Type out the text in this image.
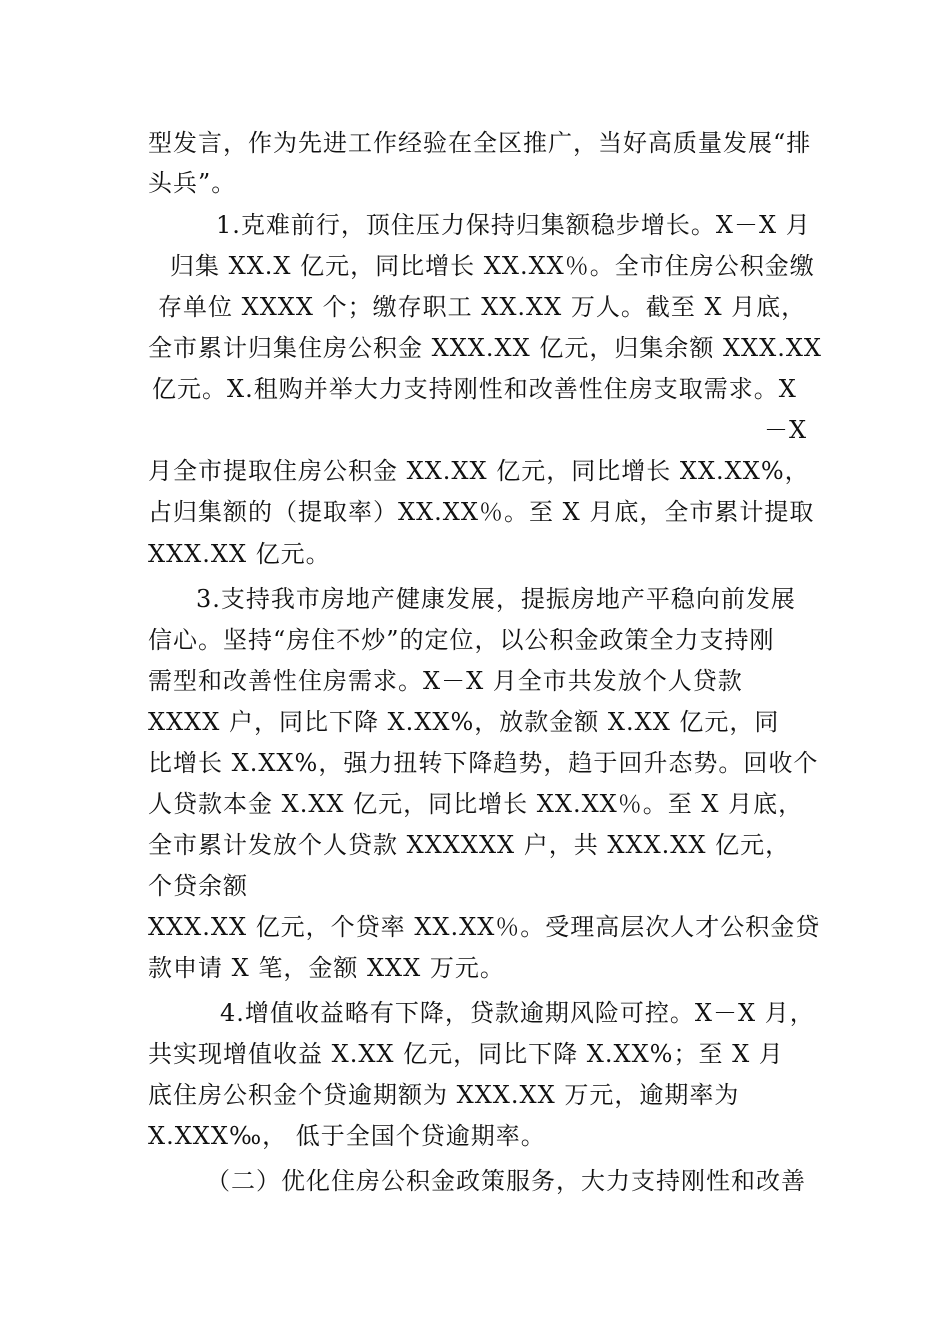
型发言，作为先进工作经验在全区推广，当好高质量发展“排
头兵”。
1.克难前行，顶住压力保持归集额稳步增长。X－X 月
归集 XX.X 亿元，同比增长 XX.XX％。全市住房公积金缴
存单位 XXXX 个；缴存职工 XX.XX 万人。截至 X 月底，
全市累计归集住房公积金 XXX.XX 亿元，归集余额 XXX.XX
亿元。X.租购并举大力支持刚性和改善性住房支取需求。X
－X
月全市提取住房公积金 XX.XX 亿元，同比增长 XX.XX%，
占归集额的（提取率）XX.XX％。至 X 月底，全市累计提取
XXX.XX 亿元。
3.支持我市房地产健康发展，提振房地产平稳向前发展
信心。坚持“房住不炒”的定位，以公积金政策全力支持刚
需型和改善性住房需求。X－X 月全市共发放个人贷款
XXXX 户，同比下降 X.XX%，放款金额 X.XX 亿元，同
比增长 X.XX%，强力扭转下降趋势，趋于回升态势。回收个
人贷款本金 X.XX 亿元，同比增长 XX.XX％。至 X 月底，
全市累计发放个人贷款 XXXXXX 户，共 XXX.XX 亿元，
个贷余额
XXX.XX 亿元，个贷率 XX.XX％。受理高层次人才公积金贷
款申请 X 笔，金额 XXX 万元。
4.增值收益略有下降，贷款逾期风险可控。X－X 月，
共实现增值收益 X.XX 亿元，同比下降 X.XX%；至 X 月
底住房公积金个贷逾期额为 XXX.XX 万元，逾期率为
X.XXX‰， 低于全国个贷逾期率。
（二）优化住房公积金政策服务，大力支持刚性和改善
